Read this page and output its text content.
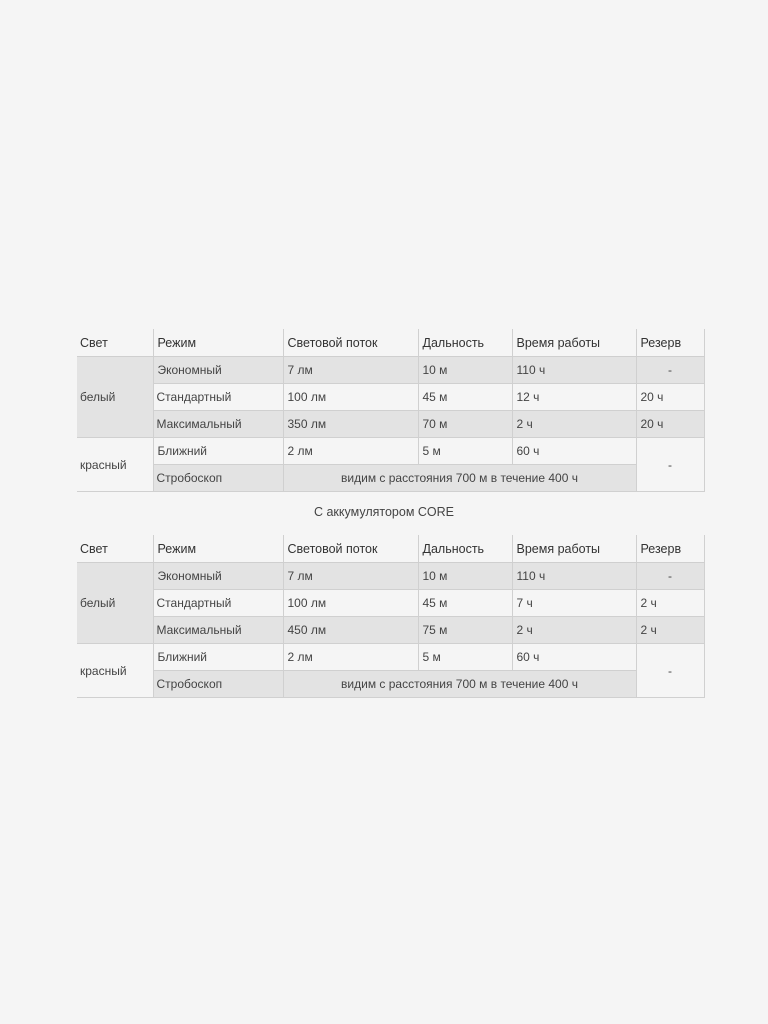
Свет	Режим	Световой поток	Дальность	Время работы	Резерв
белый	Экономный	7 лм	10 м	110 ч	-
	Стандартный	100 лм	45 м	12 ч	20 ч
	Максимальный	350 лм	70 м	2 ч	20 ч
красный	Ближний	2 лм	5 м	60 ч	-
	Стробоскоп	видим с расстояния 700 м в течение 400 ч			
С аккумулятором CORE
Свет	Режим	Световой поток	Дальность	Время работы	Резерв
белый	Экономный	7 лм	10 м	110 ч	-
	Стандартный	100 лм	45 м	7 ч	2 ч
	Максимальный	450 лм	75 м	2 ч	2 ч
красный	Ближний	2 лм	5 м	60 ч	-
	Стробоскоп	видим с расстояния 700 м в течение 400 ч			
